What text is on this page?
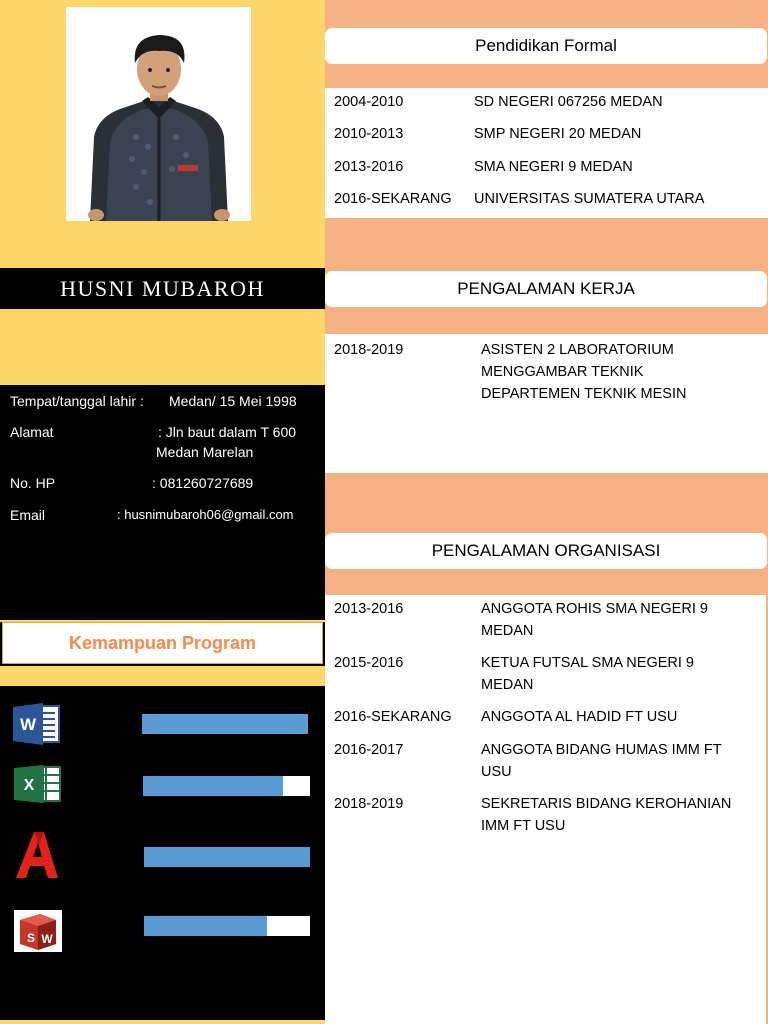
HUSNI MUBAROH
Tempat/tanggal lahir : Medan/ 15 Mei 1998
Alamat	: Jln baut dalam T 600
Medan Marelan
No. HP	: 081260727689
Email	: husnimubaroh06@gmail.com
Kemampuan Program
W
X
S W
Pendidikan Formal
2004-2010	SD NEGERI 067256 MEDAN
2010-2013	SMP NEGERI 20 MEDAN
2013-2016	SMA NEGERI 9 MEDAN
2016-SEKARANG UNIVERSITAS SUMATERA UTARA
PENGALAMAN KERJA
2018-2019	ASISTEN 2 LABORATORIUM MENGGAMBAR TEKNIK DEPARTEMEN TEKNIK MESIN
PENGALAMAN ORGANISASI
2013-2016	ANGGOTA ROHIS SMA NEGERI 9 MEDAN
2015-2016	KETUA FUTSAL SMA NEGERI 9 MEDAN
2016-SEKARANG ANGGOTA AL HADID FT USU
2016-2017	ANGGOTA BIDANG HUMAS IMM FT USU
2018-2019	SEKRETARIS BIDANG KEROHANIAN IMM FT USU
